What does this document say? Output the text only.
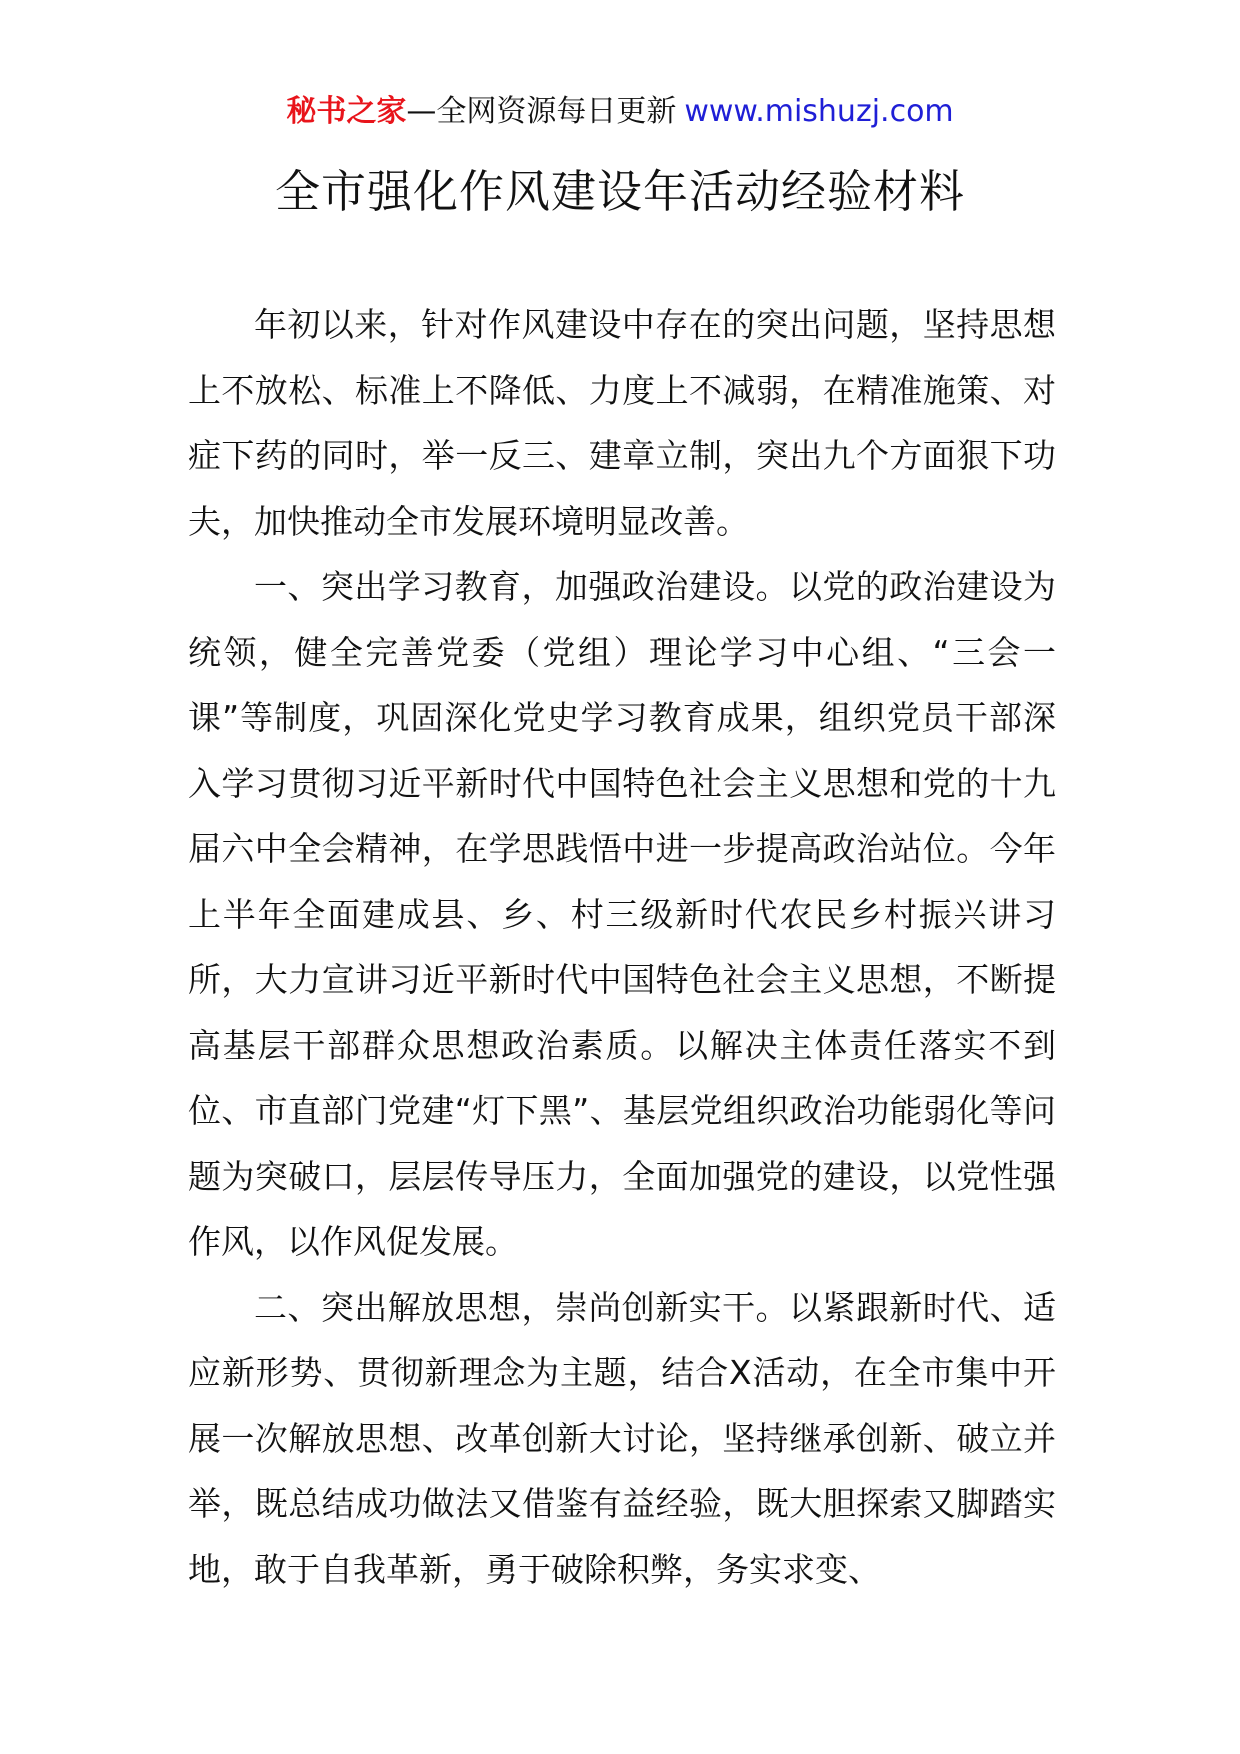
秘书之家—全网资源每日更新 www.mishuzj.com
全市强化作风建设年活动经验材料

年初以来，针对作风建设中存在的突出问题，坚持思想上不放松、标准上不降低、力度上不减弱，在精准施策、对症下药的同时，举一反三、建章立制，突出九个方面狠下功夫，加快推动全市发展环境明显改善。

一、突出学习教育，加强政治建设。以党的政治建设为统领，健全完善党委（党组）理论学习中心组、“三会一课”等制度，巩固深化党史学习教育成果，组织党员干部深入学习贯彻习近平新时代中国特色社会主义思想和党的十九届六中全会精神，在学思践悟中进一步提高政治站位。今年上半年全面建成县、乡、村三级新时代农民乡村振兴讲习所，大力宣讲习近平新时代中国特色社会主义思想，不断提高基层干部群众思想政治素质。以解决主体责任落实不到位、市直部门党建“灯下黑”、基层党组织政治功能弱化等问题为突破口，层层传导压力，全面加强党的建设，以党性强作风，以作风促发展。

二、突出解放思想，崇尚创新实干。以紧跟新时代、适应新形势、贯彻新理念为主题，结合X活动，在全市集中开展一次解放思想、改革创新大讨论，坚持继承创新、破立并举，既总结成功做法又借鉴有益经验，既大胆探索又脚踏实地，敢于自我革新，勇于破除积弊，务实求变、
